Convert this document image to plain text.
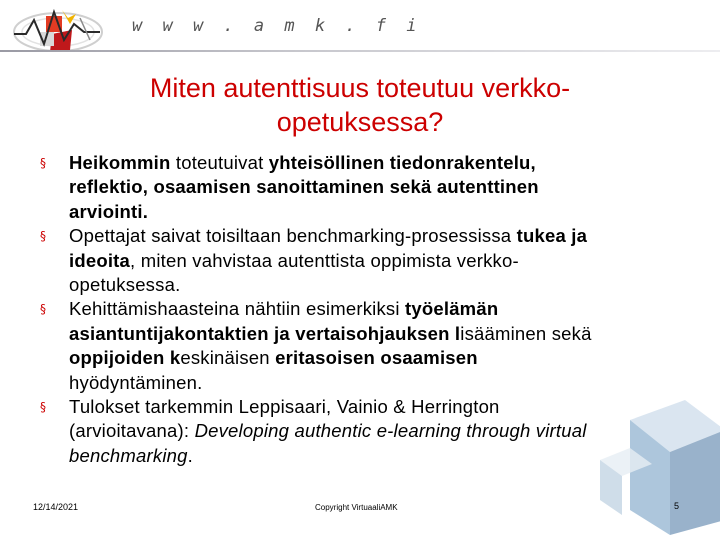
w w w . a m k . f i
Miten autenttisuus toteutuu verkko-
opetuksessa?
§ Heikommin toteutuivat yhteisöllinen tiedonrakentelu,
reflektio, osaamisen sanoittaminen sekä autenttinen
arviointi.
§ Opettajat saivat toisiltaan benchmarking-prosessissa tukea ja
ideoita, miten vahvistaa autenttista oppimista verkko-
opetuksessa.
§ Kehittämishaasteina nähtiin esimerkiksi työelämän
asiantuntijakontaktien ja vertaisohjauksen lisääminen sekä
oppijoiden keskinäisen eritasoisen osaamisen
hyödyntäminen.
§ Tulokset tarkemmin Leppisaari, Vainio & Herrington
(arvioitavana): Developing authentic e-learning through virtual
benchmarking.
12/14/2021	Copyright VirtuaaliAMK	5
